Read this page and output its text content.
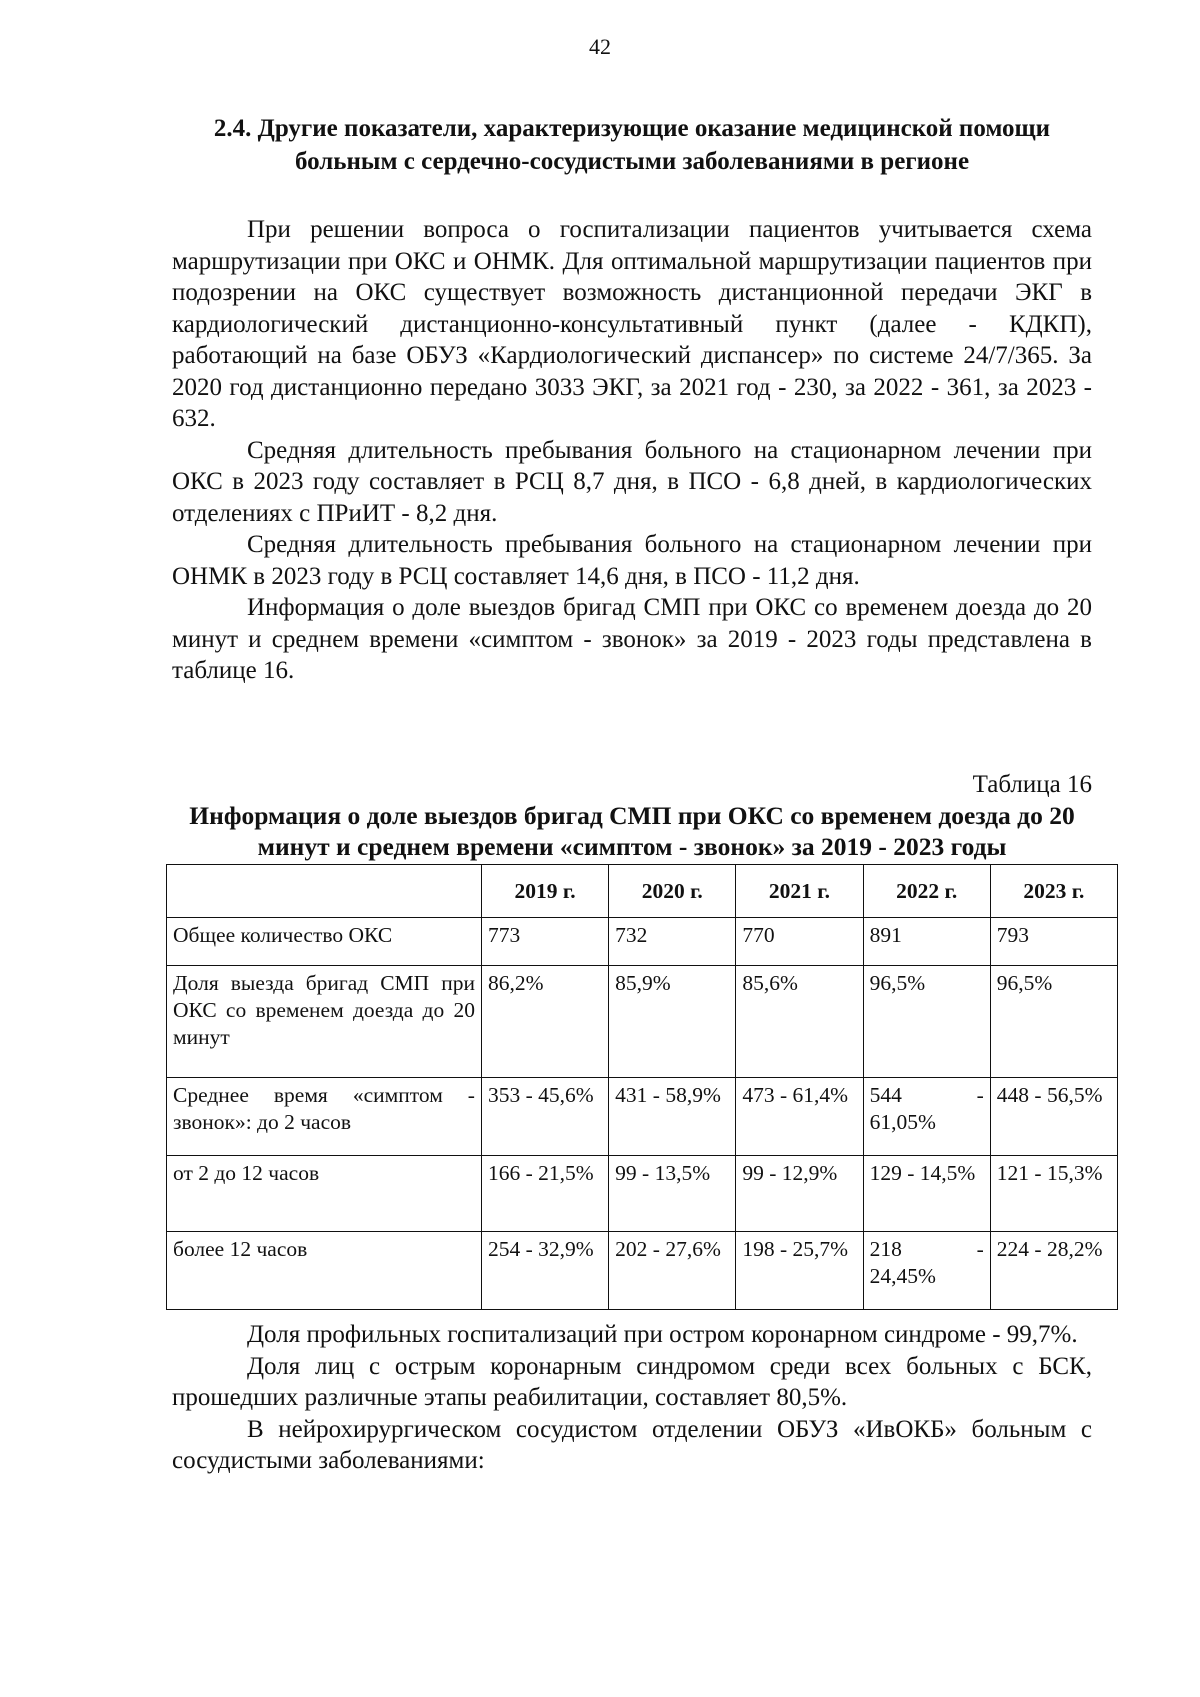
42
2.4. Другие показатели, характеризующие оказание медицинской помощи больным с сердечно-сосудистыми заболеваниями в регионе

При решении вопроса о госпитализации пациентов учитывается схема маршрутизации при ОКС и ОНМК. Для оптимальной маршрутизации пациентов при подозрении на ОКС существует возможность дистанционной передачи ЭКГ в кардиологический дистанционно-консультативный пункт (далее - КДКП), работающий на базе ОБУЗ «Кардиологический диспансер» по системе 24/7/365. За 2020 год дистанционно передано 3033 ЭКГ, за 2021 год - 230, за 2022 - 361, за 2023 - 632.

Средняя длительность пребывания больного на стационарном лечении при ОКС в 2023 году составляет в РСЦ 8,7 дня, в ПСО - 6,8 дней, в кардиологических отделениях с ПРиИТ - 8,2 дня.

Средняя длительность пребывания больного на стационарном лечении при ОНМК в 2023 году в РСЦ составляет 14,6 дня, в ПСО - 11,2 дня.

Информация о доле выездов бригад СМП при ОКС со временем доезда до 20 минут и среднем времени «симптом - звонок» за 2019 - 2023 годы представлена в таблице 16.

Таблица 16
Информация о доле выездов бригад СМП при ОКС со временем доезда до 20 минут и среднем времени «симптом - звонок» за 2019 - 2023 годы
	2019 г.	2020 г.	2021 г.	2022 г.	2023 г.
Общее количество ОКС	773	732	770	891	793
Доля выезда бригад СМП при ОКС со временем доезда до 20 минут	86,2%	85,9%	85,6%	96,5%	96,5%
Среднее время «симптом - звонок»: до 2 часов	353 - 45,6%	431 - 58,9%	473 - 61,4%	544 - 61,05%	448 - 56,5%
от 2 до 12 часов	166 - 21,5%	99 - 13,5%	99 - 12,9%	129 - 14,5%	121 - 15,3%
более 12 часов	254 - 32,9%	202 - 27,6%	198 - 25,7%	218 - 24,45%	224 - 28,2%

Доля профильных госпитализаций при остром коронарном синдроме - 99,7%.

Доля лиц с острым коронарным синдромом среди всех больных с БСК, прошедших различные этапы реабилитации, составляет 80,5%.

В нейрохирургическом сосудистом отделении ОБУЗ «ИвОКБ» больным с сосудистыми заболеваниями:
